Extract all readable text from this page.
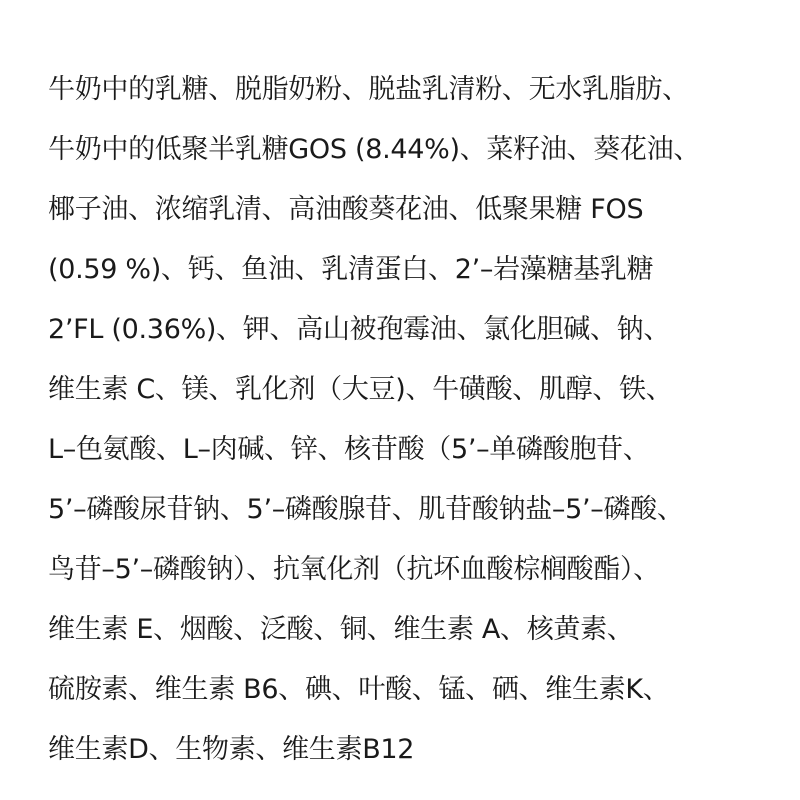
牛奶中的乳糖、脱脂奶粉、脱盐乳清粉、无水乳脂肪、
牛奶中的低聚半乳糖GOS (8.44%)、菜籽油、葵花油、
椰子油、浓缩乳清、高油酸葵花油、低聚果糖 FOS
(0.59 %)、钙、鱼油、乳清蛋白、2’–岩藻糖基乳糖
2’FL (0.36%)、钾、高山被孢霉油、氯化胆碱、钠、
维生素 C、镁、乳化剂（大豆)、牛磺酸、肌醇、铁、
L–色氨酸、L–肉碱、锌、核苷酸（5’–单磷酸胞苷、
5’–磷酸尿苷钠、5’–磷酸腺苷、肌苷酸钠盐–5’–磷酸、
鸟苷–5’–磷酸钠）、抗氧化剂（抗坏血酸棕榈酸酯）、
维生素 E、烟酸、泛酸、铜、维生素 A、核黄素、
硫胺素、维生素 B6、碘、叶酸、锰、硒、维生素K、
维生素D、生物素、维生素B12
